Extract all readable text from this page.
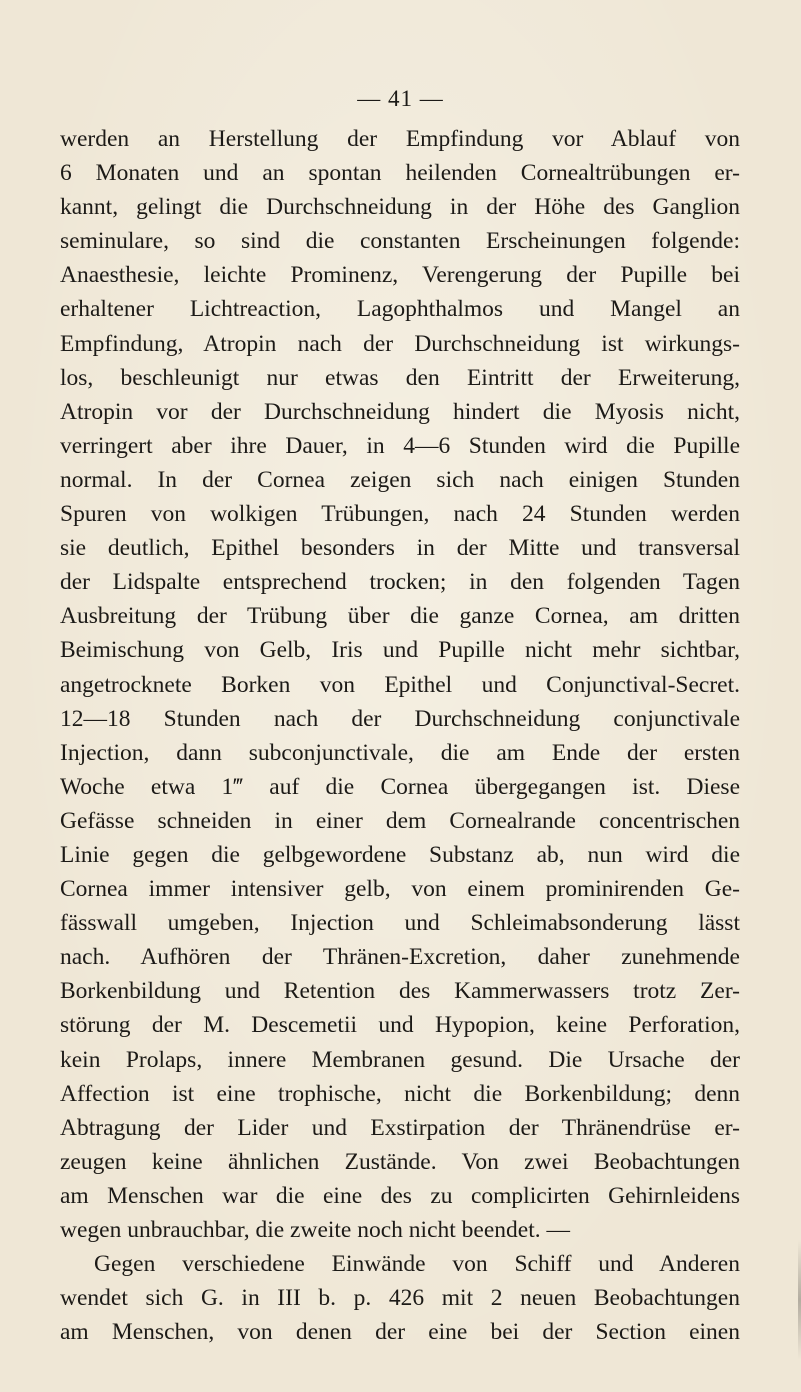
— 41 —
werden an Herstellung der Empfindung vor Ablauf von
6 Monaten und an spontan heilenden Cornealtrübungen er-
kannt, gelingt die Durchschneidung in der Höhe des Ganglion
seminulare, so sind die constanten Erscheinungen folgende:
Anaesthesie, leichte Prominenz, Verengerung der Pupille bei
erhaltener Lichtreaction, Lagophthalmos und Mangel an
Empfindung, Atropin nach der Durchschneidung ist wirkungs-
los, beschleunigt nur etwas den Eintritt der Erweiterung,
Atropin vor der Durchschneidung hindert die Myosis nicht,
verringert aber ihre Dauer, in 4—6 Stunden wird die Pupille
normal. In der Cornea zeigen sich nach einigen Stunden
Spuren von wolkigen Trübungen, nach 24 Stunden werden
sie deutlich, Epithel besonders in der Mitte und transversal
der Lidspalte entsprechend trocken; in den folgenden Tagen
Ausbreitung der Trübung über die ganze Cornea, am dritten
Beimischung von Gelb, Iris und Pupille nicht mehr sichtbar,
angetrocknete Borken von Epithel und Conjunctival-Secret.
12—18 Stunden nach der Durchschneidung conjunctivale
Injection, dann subconjunctivale, die am Ende der ersten
Woche etwa 1‴ auf die Cornea übergegangen ist. Diese
Gefässe schneiden in einer dem Cornealrande concentrischen
Linie gegen die gelbgewordene Substanz ab, nun wird die
Cornea immer intensiver gelb, von einem prominirenden Ge-
fässwall umgeben, Injection und Schleimabsonderung lässt
nach. Aufhören der Thränen-Excretion, daher zunehmende
Borkenbildung und Retention des Kammerwassers trotz Zer-
störung der M. Descemetii und Hypopion, keine Perforation,
kein Prolaps, innere Membranen gesund. Die Ursache der
Affection ist eine trophische, nicht die Borkenbildung; denn
Abtragung der Lider und Exstirpation der Thränendrüse er-
zeugen keine ähnlichen Zustände. Von zwei Beobachtungen
am Menschen war die eine des zu complicirten Gehirnleidens
wegen unbrauchbar, die zweite noch nicht beendet. —
Gegen verschiedene Einwände von Schiff und Anderen
wendet sich G. in III b. p. 426 mit 2 neuen Beobachtungen
am Menschen, von denen der eine bei der Section einen
